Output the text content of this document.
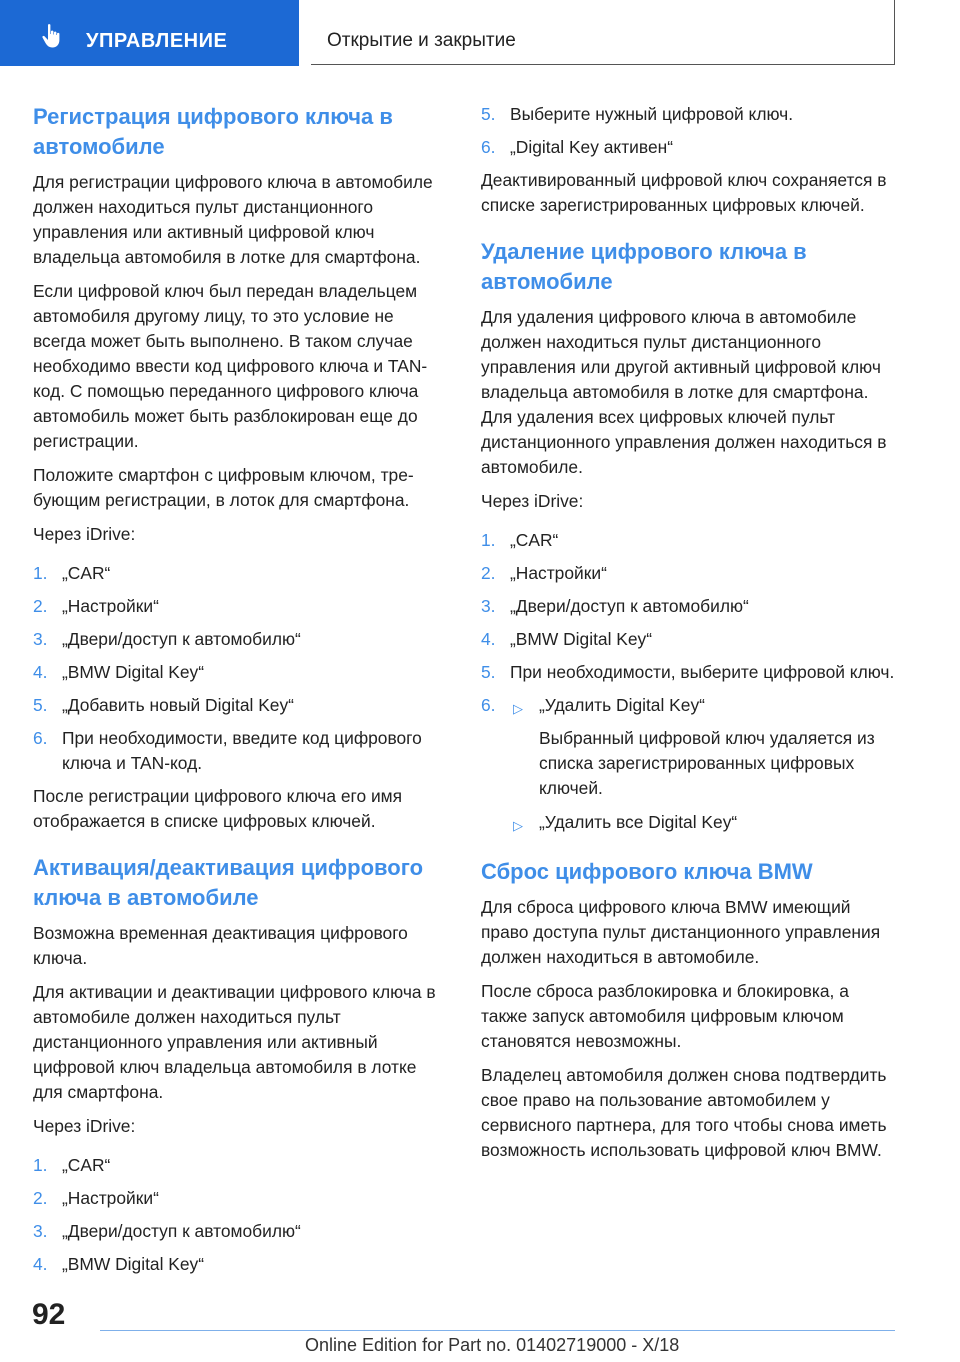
УПРАВЛЕНИЕ	Открытие и закрытие
Регистрация цифрового ключа в автомобиле

Для регистрации цифрового ключа в автомобиле должен находиться пульт дистанционного управления или активный цифровой ключ владельца автомобиля в лотке для смартфона.

Если цифровой ключ был передан владельцем автомобиля другому лицу, то это условие не всегда может быть выполнено. В таком случае необходимо ввести код цифрового ключа и TAN-код. С помощью переданного цифрового ключа автомобиль может быть разблокирован еще до регистрации.

Положите смартфон с цифровым ключом, требующим регистрации, в лоток для смартфона.

Через iDrive:

1. „CAR“
2. „Настройки“
3. „Двери/доступ к автомобилю“
4. „BMW Digital Key“
5. „Добавить новый Digital Key“
6. При необходимости, введите код цифрового ключа и TAN-код.

После регистрации цифрового ключа его имя отображается в списке цифровых ключей.

Активация/деактивация цифрового ключа в автомобиле

Возможна временная деактивация цифрового ключа.

Для активации и деактивации цифрового ключа в автомобиле должен находиться пульт дистанционного управления или активный цифровой ключ владельца автомобиля в лотке для смартфона.

Через iDrive:

1. „CAR“
2. „Настройки“
3. „Двери/доступ к автомобилю“
4. „BMW Digital Key“
5. Выберите нужный цифровой ключ.
6. „Digital Key активен“

Деактивированный цифровой ключ сохраняется в списке зарегистрированных цифровых ключей.

Удаление цифрового ключа в автомобиле

Для удаления цифрового ключа в автомобиле должен находиться пульт дистанционного управления или другой активный цифровой ключ владельца автомобиля в лотке для смартфона. Для удаления всех цифровых ключей пульт дистанционного управления должен находиться в автомобиле.

Через iDrive:

1. „CAR“
2. „Настройки“
3. „Двери/доступ к автомобилю“
4. „BMW Digital Key“
5. При необходимости, выберите цифровой ключ.
6. ▷ „Удалить Digital Key“
Выбранный цифровой ключ удаляется из списка зарегистрированных цифровых ключей.
▷ „Удалить все Digital Key“
Сброс цифрового ключа BMW

Для сброса цифрового ключа BMW имеющий право доступа пульт дистанционного управления должен находиться в автомобиле.

После сброса разблокировка и блокировка, а также запуск автомобиля цифровым ключом становятся невозможны.

Владелец автомобиля должен снова подтвердить свое право на пользование автомобилем у сервисного партнера, для того чтобы снова иметь возможность использовать цифровой ключ BMW.

92
Online Edition for Part no. 01402719000 - X/18
